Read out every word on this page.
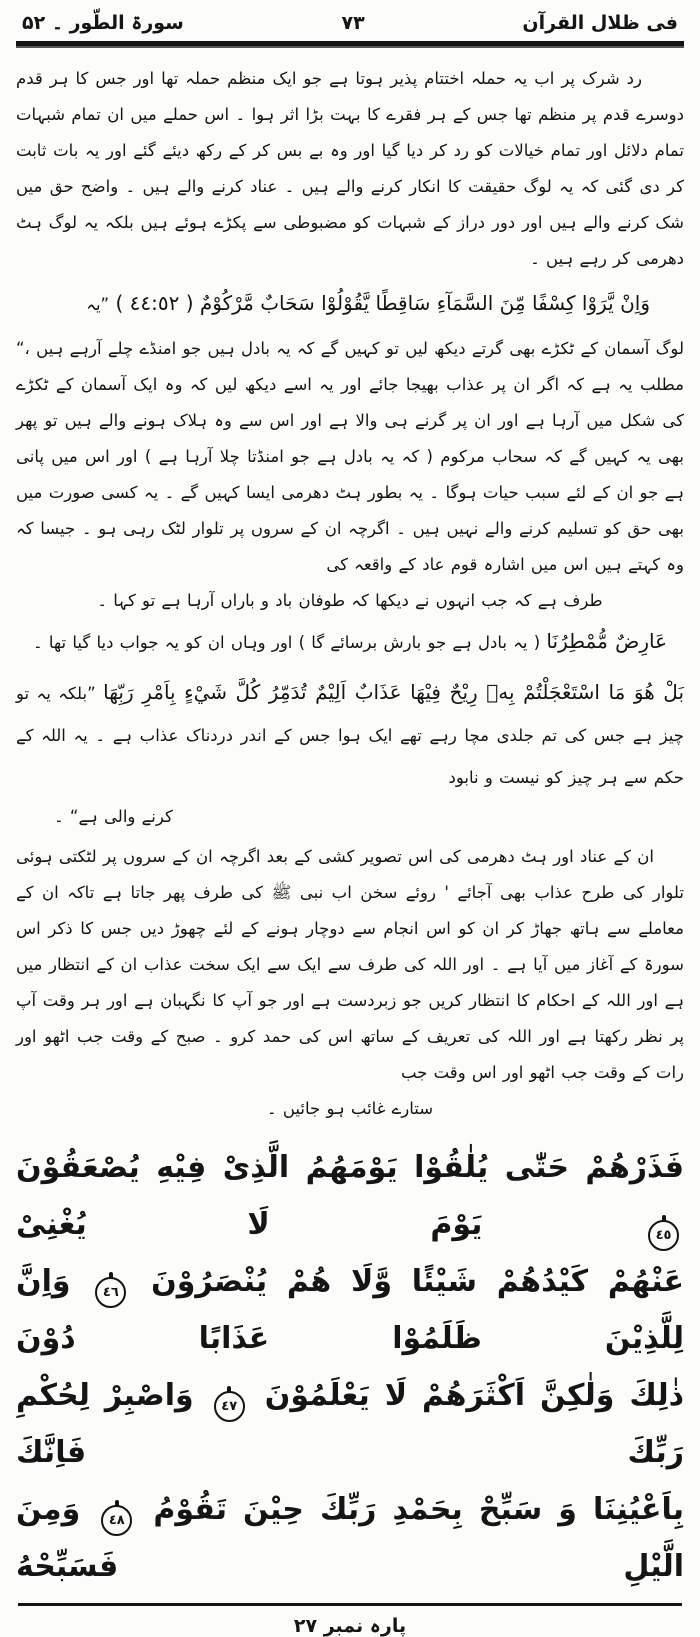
فی ظلال القرآن
۷۳
سورۃ الطّور ۔ ۵۲

رد شرک پر اب یہ حملہ اختتام پذیر ہوتا ہے جو ایک منظم حملہ تھا اور جس کا ہر قدم دوسرے قدم پر منظم تھا جس کے ہر فقرے کا بہت بڑا اثر ہوا ۔ اس حملے میں ان تمام شبہات تمام دلائل اور تمام خیالات کو رد کر دیا گیا اور وہ بے بس کر کے رکھ دیئے گئے اور یہ بات ثابت کر دی گئی کہ یہ لوگ حقیقت کا انکار کرنے والے ہیں ۔ عناد کرنے والے ہیں ۔ واضح حق میں شک کرنے والے ہیں اور دور دراز کے شبہات کو مضبوطی سے پکڑے ہوئے ہیں بلکہ یہ لوگ ہٹ دھرمی کر رہے ہیں ۔

وَاِنْ يَّرَوْا كِسْفًا مِّنَ السَّمَآءِ سَاقِطًا يَّقُوْلُوْا سَحَابٌ مَّرْكُوْمٌ ( ٤٤:٥٢ ) ”یہ

لوگ آسمان کے ٹکڑے بھی گرتے دیکھ لیں تو کہیں گے کہ یہ بادل ہیں جو امنڈے چلے آرہے ہیں ،“ مطلب یہ ہے کہ اگر ان پر عذاب بھیجا جائے اور یہ اسے دیکھ لیں کہ وہ ایک آسمان کے ٹکڑے کی شکل میں آرہا ہے اور ان پر گرنے ہی والا ہے اور اس سے وہ ہلاک ہونے والے ہیں تو پھر بھی یہ کہیں گے کہ سحاب مرکوم ( کہ یہ بادل ہے جو امنڈتا چلا آرہا ہے ) اور اس میں پانی ہے جو ان کے لئے سبب حیات ہوگا ۔ یہ بطور ہٹ دھرمی ایسا کہیں گے ۔ یہ کسی صورت میں بھی حق کو تسلیم کرنے والے نہیں ہیں ۔ اگرچہ ان کے سروں پر تلوار لٹک رہی ہو ۔ جیسا کہ وہ کہتے ہیں اس میں اشارہ قوم عاد کے واقعہ کی

طرف ہے کہ جب انہوں نے دیکھا کہ طوفان باد و باراں آرہا ہے تو کہا ۔
عَارِضٌ مُّمْطِرُنَا ( یہ بادل ہے جو بارش برسائے گا ) اور وہاں ان کو یہ جواب دیا گیا تھا ۔

بَلْ هُوَ مَا اسْتَعْجَلْتُمْ بِهٖ رِيْحٌ فِيْهَا عَذَابٌ اَلِيْمٌ تُدَمِّرُ كُلَّ شَيْءٍ بِاَمْرِ رَبِّهَا ”بلکہ یہ تو چیز ہے جس کی تم جلدی مچا رہے تھے ایک ہوا جس کے اندر دردناک عذاب ہے ۔ یہ اللہ کے حکم سے ہر چیز کو نیست و نابود

کرنے والی ہے“ ۔

ان کے عناد اور ہٹ دھرمی کی اس تصویر کشی کے بعد اگرچہ ان کے سروں پر لٹکتی ہوئی تلوار کی طرح عذاب بھی آجائے ' روئے سخن اب نبی ﷺ کی طرف پھر جاتا ہے تاکہ ان کے معاملے سے ہاتھ جھاڑ کر ان کو اس انجام سے دوچار ہونے کے لئے چھوڑ دیں جس کا ذکر اس سورۃ کے آغاز میں آیا ہے ۔ اور اللہ کی طرف سے ایک سے ایک سخت عذاب ان کے انتظار میں ہے اور اللہ کے احکام کا انتظار کریں جو زبردست ہے اور جو آپ کا نگہبان ہے اور ہر وقت آپ پر نظر رکھتا ہے اور اللہ کی تعریف کے ساتھ اس کی حمد کرو ۔ صبح کے وقت جب اٹھو اور رات کے وقت جب اٹھو اور اس وقت جب

ستارے غائب ہو جائیں ۔
فَذَرْهُمْ حَتّٰى يُلٰقُوْا يَوْمَهُمُ الَّذِىْ فِيْهِ يُصْعَقُوْنَ ٤٥ يَوْمَ لَا يُغْنِىْ
عَنْهُمْ كَيْدُهُمْ شَيْئًا وَّلَا هُمْ يُنْصَرُوْنَ ٤٦ وَاِنَّ لِلَّذِيْنَ ظَلَمُوْا عَذَابًا دُوْنَ
ذٰلِكَ وَلٰكِنَّ اَكْثَرَهُمْ لَا يَعْلَمُوْنَ ٤٧ وَاصْبِرْ لِحُكْمِ رَبِّكَ فَاِنَّكَ
بِاَعْيُنِنَا وَ سَبِّحْ بِحَمْدِ رَبِّكَ حِيْنَ تَقُوْمُ ٤٨ وَمِنَ الَّيْلِ فَسَبِّحْهُ
پارہ نمبر ۲۷
